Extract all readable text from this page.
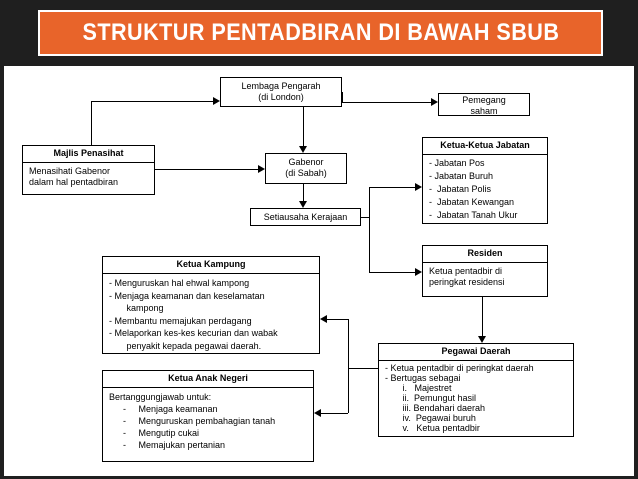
STRUKTUR PENTADBIRAN DI BAWAH SBUB
Lembaga Pengarah
(di London)	Pemegang
saham
Majlis Penasihat
Menasihati Gabenor
dalam hal pentadbiran
Gabenor
(di Sabah)
Setiausaha Kerajaan
Ketua-Ketua Jabatan
- Jabatan Pos
- Jabatan Buruh
-  Jabatan Polis
-  Jabatan Kewangan
-  Jabatan Tanah Ukur
Residen
Ketua pentadbir di
peringkat residensi
Ketua Kampung
- Menguruskan hal ehwal kampong
- Menjaga keamanan dan keselamatan
kampong
- Membantu memajukan perdagang
- Melaporkan kes-kes kecurian dan wabak
penyakit kepada pegawai daerah.
Pegawai Daerah
- Ketua pentadbir di peringkat daerah
- Bertugas sebagai
i.   Majestret
ii.  Pemungut hasil
iii. Bendahari daerah
iv.  Pegawai buruh
v.   Ketua pentadbir
Ketua Anak Negeri
Bertanggungjawab untuk:
-     Menjaga keamanan
-     Menguruskan pembahagian tanah
-     Mengutip cukai
-     Memajukan pertanian
